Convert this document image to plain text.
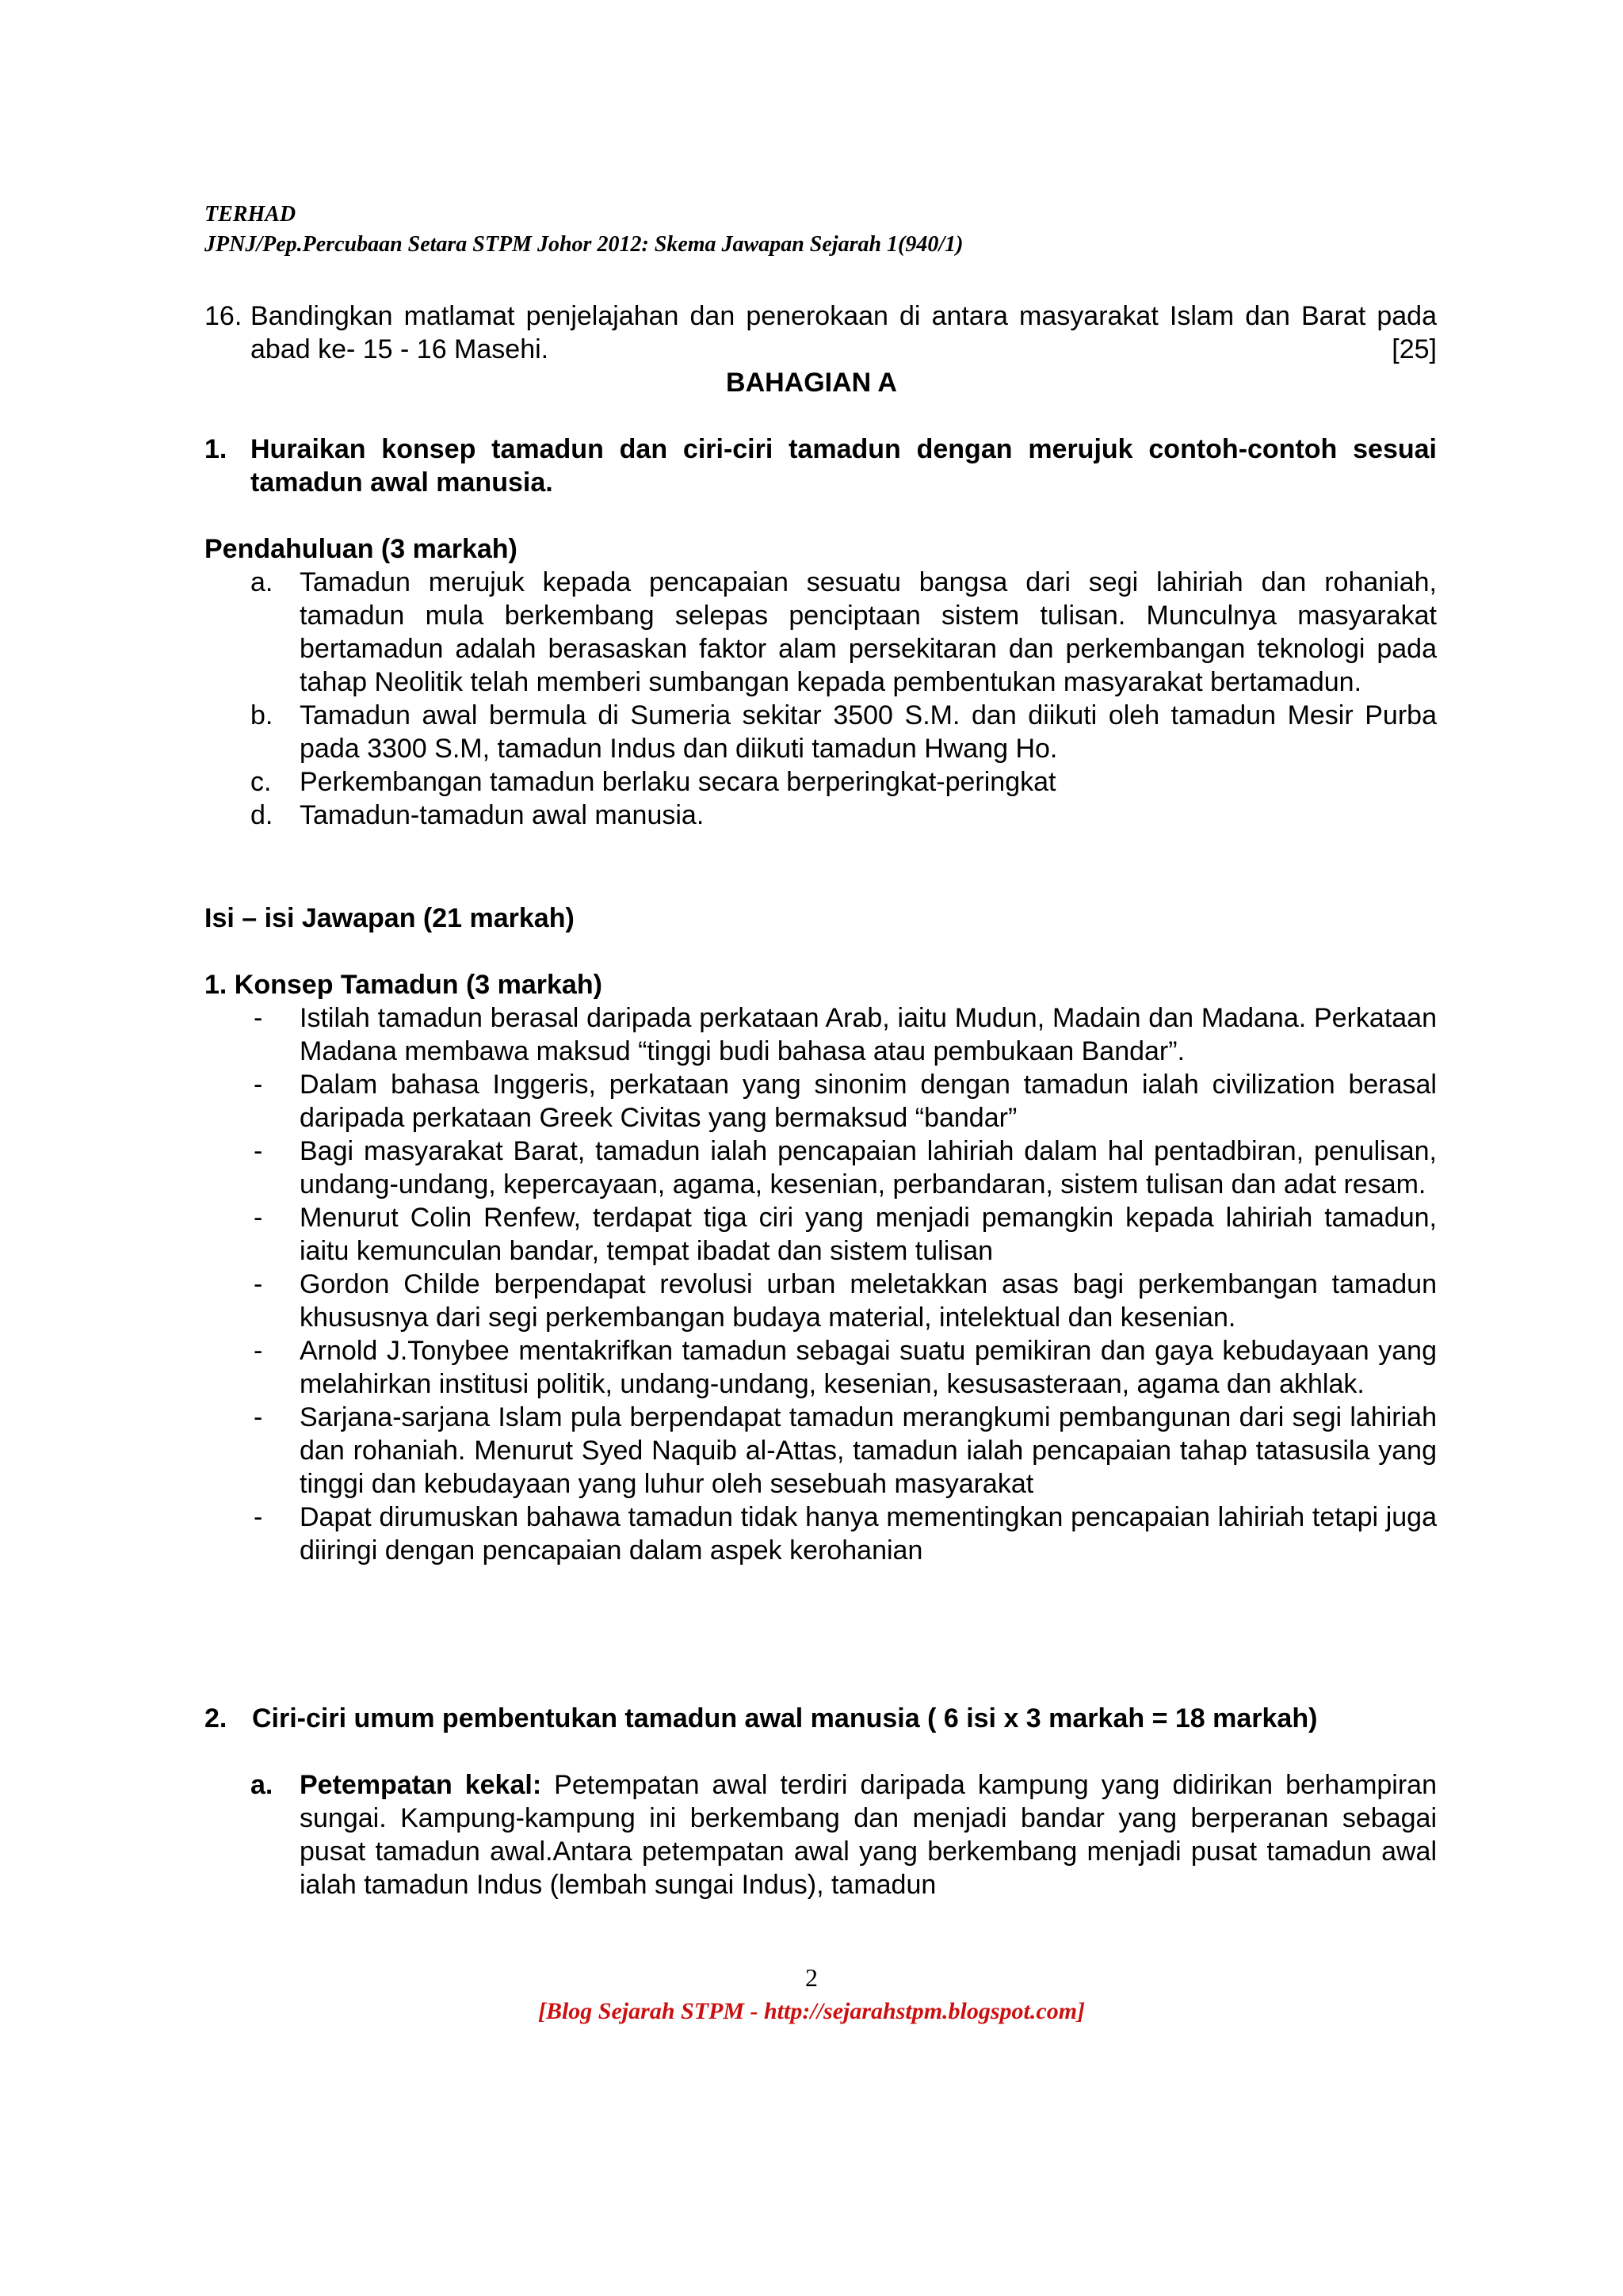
TERHAD
JPNJ/Pep.Percubaan Setara STPM Johor 2012: Skema Jawapan Sejarah 1(940/1)
16. Bandingkan matlamat penjelajahan dan penerokaan di antara masyarakat Islam dan Barat pada abad ke- 15 - 16 Masehi.	[25]
BAHAGIAN A
1. Huraikan konsep tamadun dan ciri-ciri tamadun dengan merujuk contoh-contoh sesuai tamadun awal manusia.
Pendahuluan (3 markah)
a. Tamadun merujuk kepada pencapaian sesuatu bangsa dari segi lahiriah dan rohaniah, tamadun mula berkembang selepas penciptaan sistem tulisan. Munculnya masyarakat bertamadun adalah berasaskan faktor alam persekitaran dan perkembangan teknologi pada tahap Neolitik telah memberi sumbangan kepada pembentukan masyarakat bertamadun.
b. Tamadun awal bermula di Sumeria sekitar 3500 S.M. dan diikuti oleh tamadun Mesir Purba pada 3300 S.M, tamadun Indus dan diikuti tamadun Hwang Ho.
c. Perkembangan tamadun berlaku secara berperingkat-peringkat
d. Tamadun-tamadun awal manusia.
Isi – isi Jawapan (21 markah)
1. Konsep Tamadun (3 markah)
- Istilah tamadun berasal daripada perkataan Arab, iaitu Mudun, Madain dan Madana. Perkataan Madana membawa maksud “tinggi budi bahasa atau pembukaan Bandar”.
- Dalam bahasa Inggeris, perkataan yang sinonim dengan tamadun ialah civilization berasal daripada perkataan Greek Civitas yang bermaksud “bandar”
- Bagi masyarakat Barat, tamadun ialah pencapaian lahiriah dalam hal pentadbiran, penulisan, undang-undang, kepercayaan, agama, kesenian, perbandaran, sistem tulisan dan adat resam.
- Menurut Colin Renfew, terdapat tiga ciri yang menjadi pemangkin kepada lahiriah tamadun, iaitu kemunculan bandar, tempat ibadat dan sistem tulisan
- Gordon Childe berpendapat revolusi urban meletakkan asas bagi perkembangan tamadun khususnya dari segi perkembangan budaya material, intelektual dan kesenian.
- Arnold J.Tonybee mentakrifkan tamadun sebagai suatu pemikiran dan gaya kebudayaan yang melahirkan institusi politik, undang-undang, kesenian, kesusasteraan, agama dan akhlak.
- Sarjana-sarjana Islam pula berpendapat tamadun merangkumi pembangunan dari segi lahiriah dan rohaniah. Menurut Syed Naquib al-Attas, tamadun ialah pencapaian tahap tatasusila yang tinggi dan kebudayaan yang luhur oleh sesebuah masyarakat
- Dapat dirumuskan bahawa tamadun tidak hanya mementingkan pencapaian lahiriah tetapi juga diiringi dengan pencapaian dalam aspek kerohanian
2. Ciri-ciri umum pembentukan tamadun awal manusia ( 6 isi x 3 markah = 18 markah)
a. Petempatan kekal: Petempatan awal terdiri daripada kampung yang didirikan berhampiran sungai. Kampung-kampung ini berkembang dan menjadi bandar yang berperanan sebagai pusat tamadun awal.Antara petempatan awal yang berkembang menjadi pusat tamadun awal ialah tamadun Indus (lembah sungai Indus), tamadun
2
[Blog Sejarah STPM - http://sejarahstpm.blogspot.com]
